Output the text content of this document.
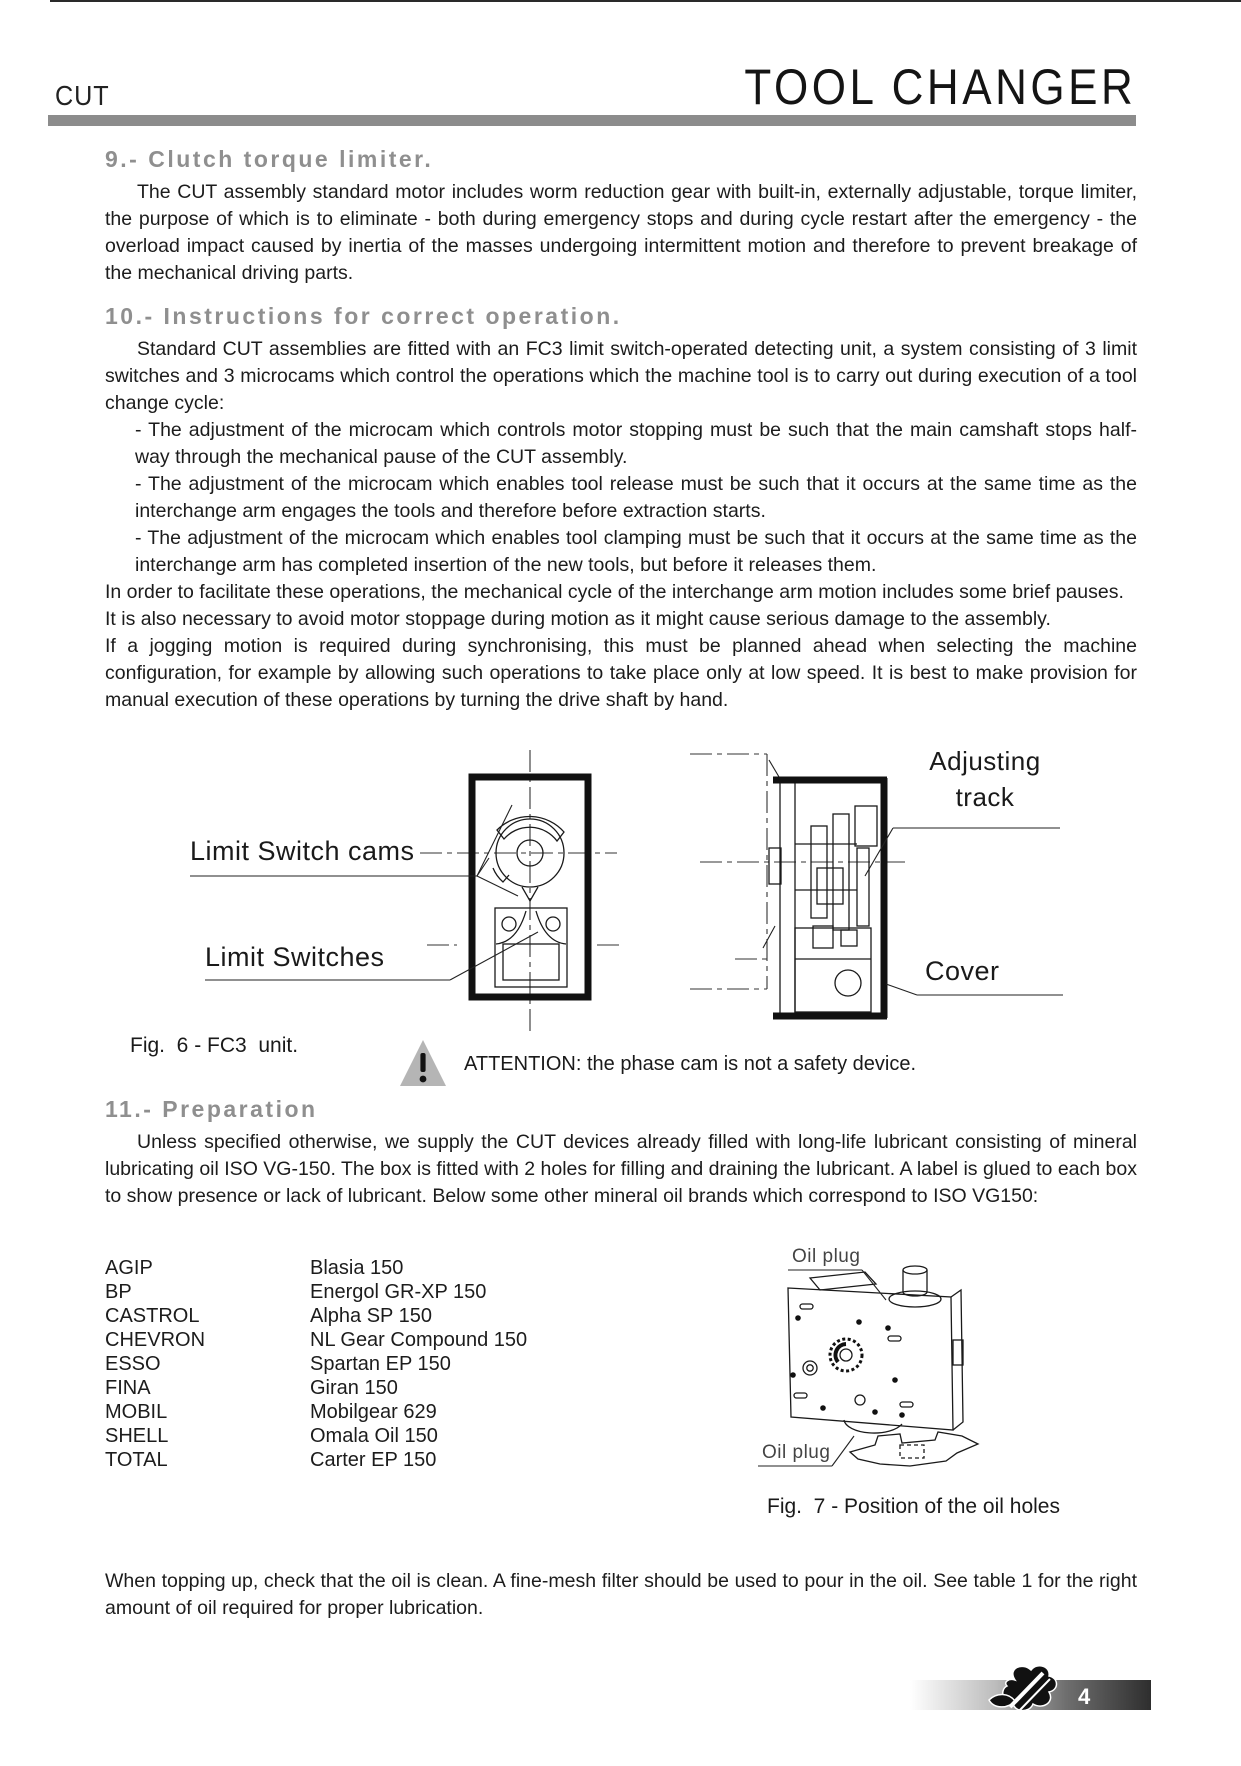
CUT	TOOL CHANGER
9.- Clutch torque limiter.

The CUT assembly standard motor includes worm reduction gear with built-in, externally adjustable, torque limiter, the purpose of which is to eliminate - both during emergency stops and during cycle restart after the emergency - the overload impact caused by inertia of the masses undergoing intermittent motion and therefore to prevent breakage of the mechanical driving parts.

10.- Instructions for correct operation.

Standard CUT assemblies are fitted with an FC3 limit switch-operated detecting unit, a system consisting of 3 limit switches and 3 microcams which control the operations which the machine tool is to carry out during execution of a tool change cycle:

- The adjustment of the microcam which controls motor stopping must be such that the main camshaft stops half-way through the mechanical pause of the CUT assembly.

- The adjustment of the microcam which enables tool release must be such that it occurs at the same time as the interchange arm engages the tools and therefore before extraction starts.

- The adjustment of the microcam which enables tool clamping must be such that it occurs at the same time as the interchange arm has completed insertion of the new tools, but before it releases them.

In order to facilitate these operations, the mechanical cycle of the interchange arm motion includes some brief pauses.

It is also necessary to avoid motor stoppage during motion as it might cause serious damage to the assembly.

If a jogging motion is required during synchronising, this must be planned ahead when selecting the machine configuration, for example by allowing such operations to take place only at low speed. It is best to make provision for manual execution of these operations by turning the drive shaft by hand.

Limit Switch cams
Limit Switches
Adjusting track
Cover
Fig.  6 - FC3  unit.
ATTENTION: the phase cam is not a safety device.
11.- Preparation

Unless specified otherwise, we supply the CUT devices already filled with long-life lubricant consisting of mineral lubricating oil ISO VG-150. The box is fitted with 2 holes for filling and draining the lubricant. A label is glued to each box to show presence or lack of lubricant. Below some other mineral oil brands which correspond to ISO VG150:

AGIP	Blasia 150
BP	Energol GR-XP 150
CASTROL	Alpha SP 150
CHEVRON	NL Gear Compound 150
ESSO	Spartan EP 150
FINA	Giran 150
MOBIL	Mobilgear 629
SHELL	Omala Oil 150
TOTAL	Carter EP 150
Oil plug
Oil plug
Fig.  7 - Position of the oil holes

When topping up, check that the oil is clean. A fine-mesh filter should be used to pour in the oil. See table 1 for the right amount of oil required for proper lubrication.

4
